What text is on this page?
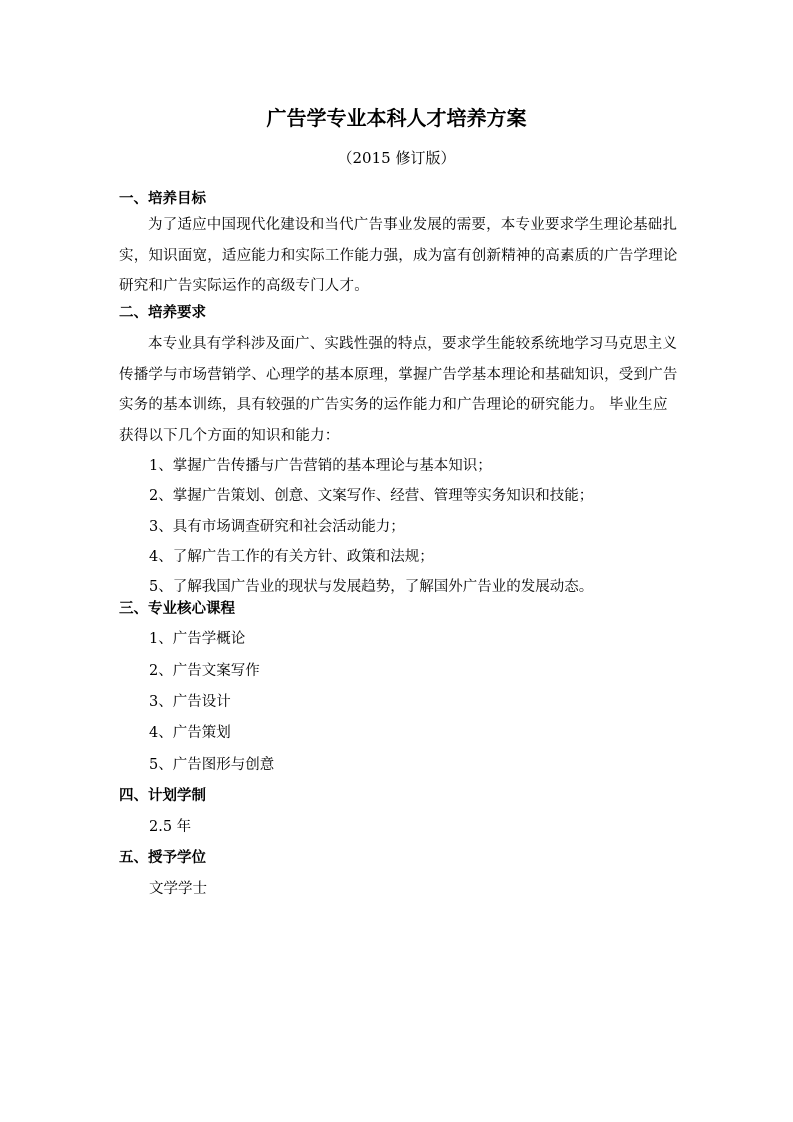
广告学专业本科人才培养方案
（2015 修订版）
一、培养目标
为了适应中国现代化建设和当代广告事业发展的需要，本专业要求学生理论基础扎实，知识面宽，适应能力和实际工作能力强，成为富有创新精神的高素质的广告学理论研究和广告实际运作的高级专门人才。
二、培养要求
本专业具有学科涉及面广、实践性强的特点，要求学生能较系统地学习马克思主义传播学与市场营销学、心理学的基本原理，掌握广告学基本理论和基础知识，受到广告实务的基本训练，具有较强的广告实务的运作能力和广告理论的研究能力。 毕业生应获得以下几个方面的知识和能力：
1、掌握广告传播与广告营销的基本理论与基本知识；
2、掌握广告策划、创意、文案写作、经营、管理等实务知识和技能；
3、具有市场调查研究和社会活动能力；
4、了解广告工作的有关方针、政策和法规；
5、了解我国广告业的现状与发展趋势，了解国外广告业的发展动态。
三、专业核心课程
1、广告学概论
2、广告文案写作
3、广告设计
4、广告策划
5、广告图形与创意
四、计划学制
2.5 年
五、授予学位
文学学士
